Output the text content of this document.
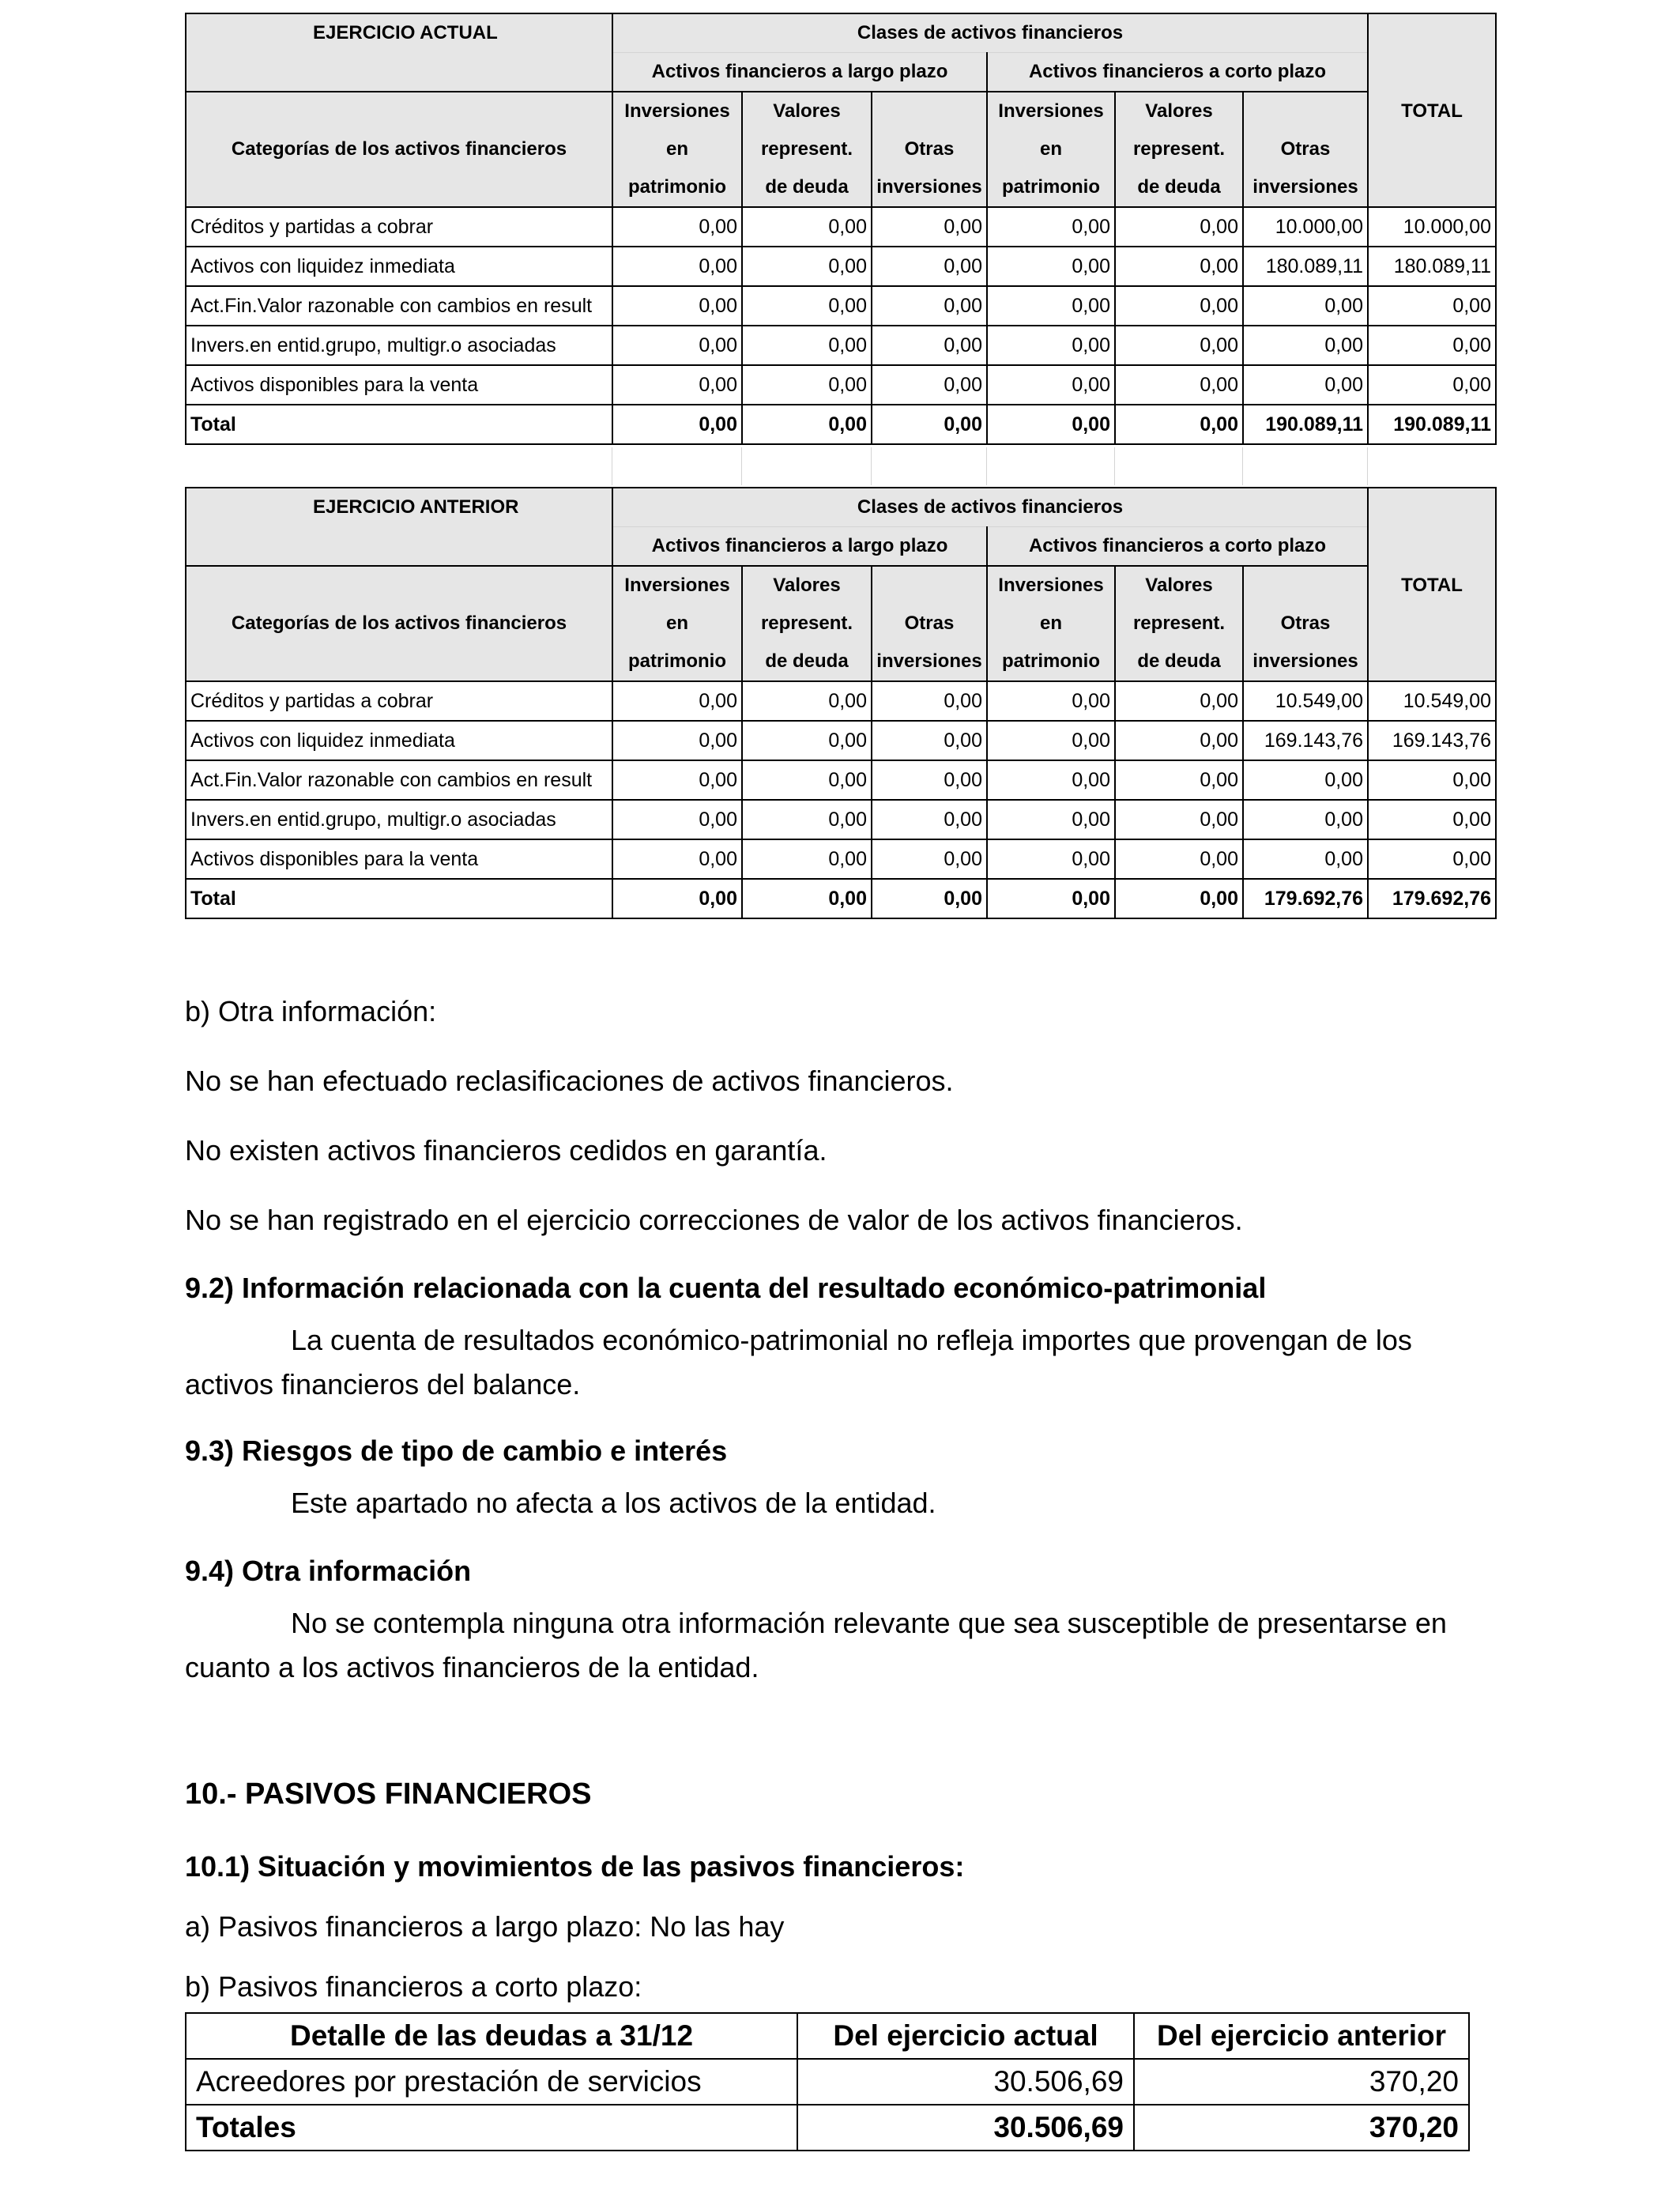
EJERCICIO ACTUAL	Clases de activos financieros						
	Activos financieros a largo plazo			Activos financieros a corto plazo			
	Inversiones	Valores		Inversiones	Valores		TOTAL
Categorías de los activos financieros	en	represent.	Otras	en	represent.	Otras	
	patrimonio	de deuda	inversiones	patrimonio	de deuda	inversiones	
Créditos y partidas a cobrar	0,00	0,00	0,00	0,00	0,00	10.000,00	10.000,00
Activos con liquidez inmediata	0,00	0,00	0,00	0,00	0,00	180.089,11	180.089,11
Act.Fin.Valor razonable con cambios en result	0,00	0,00	0,00	0,00	0,00	0,00	0,00
Invers.en entid.grupo, multigr.o asociadas	0,00	0,00	0,00	0,00	0,00	0,00	0,00
Activos disponibles para la venta	0,00	0,00	0,00	0,00	0,00	0,00	0,00
Total	0,00	0,00	0,00	0,00	0,00	190.089,11	190.089,11
EJERCICIO ANTERIOR	Clases de activos financieros						
	Activos financieros a largo plazo			Activos financieros a corto plazo			
	Inversiones	Valores		Inversiones	Valores		TOTAL
Categorías de los activos financieros	en	represent.	Otras	en	represent.	Otras	
	patrimonio	de deuda	inversiones	patrimonio	de deuda	inversiones	
Créditos y partidas a cobrar	0,00	0,00	0,00	0,00	0,00	10.549,00	10.549,00
Activos con liquidez inmediata	0,00	0,00	0,00	0,00	0,00	169.143,76	169.143,76
Act.Fin.Valor razonable con cambios en result	0,00	0,00	0,00	0,00	0,00	0,00	0,00
Invers.en entid.grupo, multigr.o asociadas	0,00	0,00	0,00	0,00	0,00	0,00	0,00
Activos disponibles para la venta	0,00	0,00	0,00	0,00	0,00	0,00	0,00
Total	0,00	0,00	0,00	0,00	0,00	179.692,76	179.692,76
b) Otra información:
No se han efectuado reclasificaciones de activos financieros.
No existen activos financieros cedidos en garantía.
No se han registrado en el ejercicio correcciones de valor de los activos financieros.
9.2) Información relacionada con la cuenta del resultado económico-patrimonial
La cuenta de resultados económico-patrimonial no refleja importes que provengan de los activos financieros del balance.
9.3) Riesgos de tipo de cambio e interés
Este apartado no afecta a los activos de la entidad.
9.4) Otra información
No se contempla ninguna otra información relevante que sea susceptible de presentarse en cuanto a los activos financieros de la entidad.
10.- PASIVOS FINANCIEROS
10.1) Situación y movimientos de las pasivos financieros:
a) Pasivos financieros a largo plazo: No las hay
b) Pasivos financieros a corto plazo:
Detalle de las deudas a 31/12	Del ejercicio actual	Del ejercicio anterior
Acreedores por prestación de servicios	30.506,69	370,20
Totales	30.506,69	370,20
